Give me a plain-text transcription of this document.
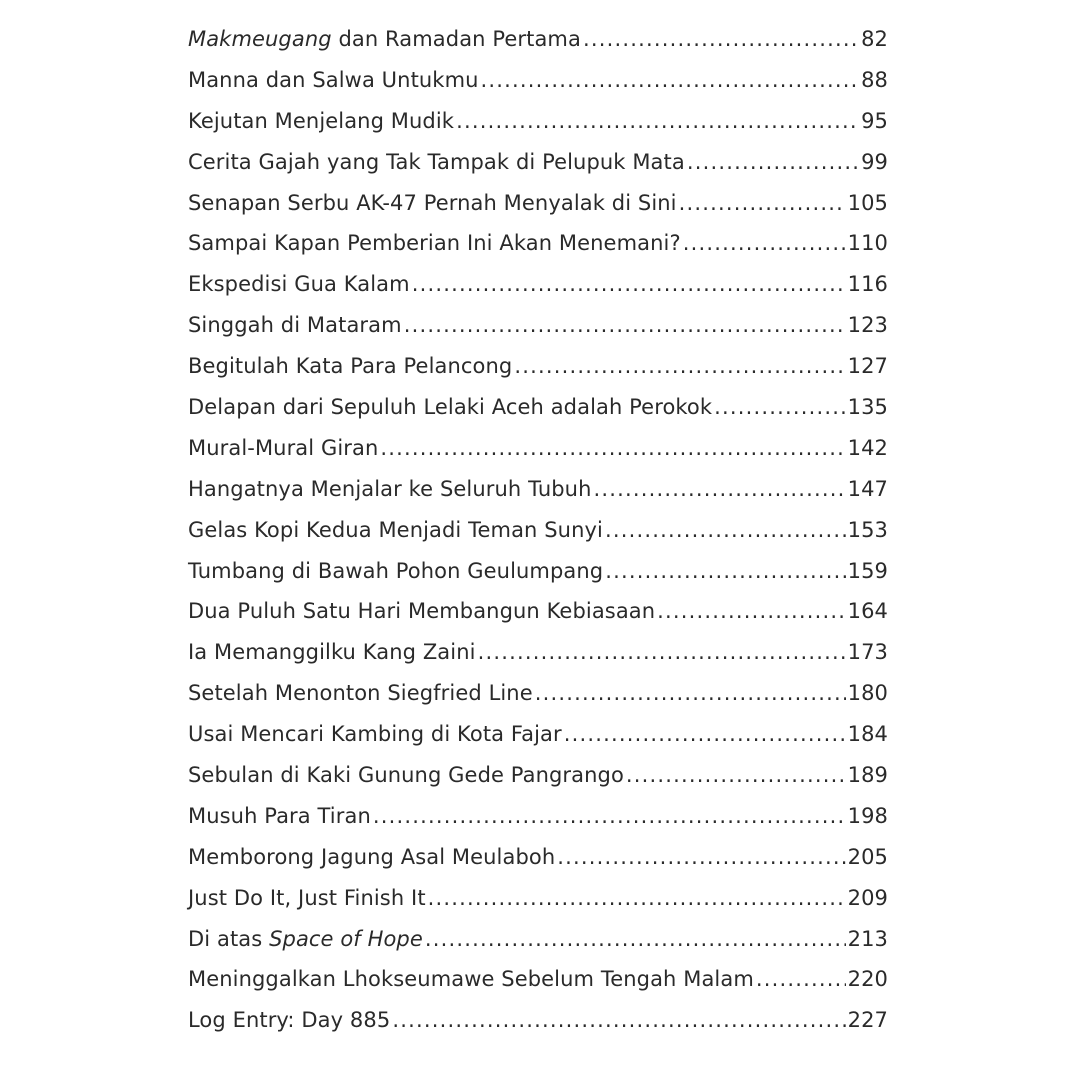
Makmeugang dan Ramadan Pertama .....	82
Manna dan Salwa Untukmu .....	88
Kejutan Menjelang Mudik .....	95
Cerita Gajah yang Tak Tampak di Pelupuk Mata .....	99
Senapan Serbu AK-47 Pernah Menyalak di Sini .....	105
Sampai Kapan Pemberian Ini Akan Menemani? .....	110
Ekspedisi Gua Kalam .....	116
Singgah di Mataram .....	123
Begitulah Kata Para Pelancong .....	127
Delapan dari Sepuluh Lelaki Aceh adalah Perokok .....	135
Mural-Mural Giran .....	142
Hangatnya Menjalar ke Seluruh Tubuh .....	147
Gelas Kopi Kedua Menjadi Teman Sunyi .....	153
Tumbang di Bawah Pohon Geulumpang .....	159
Dua Puluh Satu Hari Membangun Kebiasaan .....	164
Ia Memanggilku Kang Zaini .....	173
Setelah Menonton Siegfried Line .....	180
Usai Mencari Kambing di Kota Fajar .....	184
Sebulan di Kaki Gunung Gede Pangrango .....	189
Musuh Para Tiran .....	198
Memborong Jagung Asal Meulaboh .....	205
Just Do It, Just Finish It .....	209
Di atas Space of Hope .....	213
Meninggalkan Lhokseumawe Sebelum Tengah Malam .....	220
Log Entry: Day 885 .....	227
